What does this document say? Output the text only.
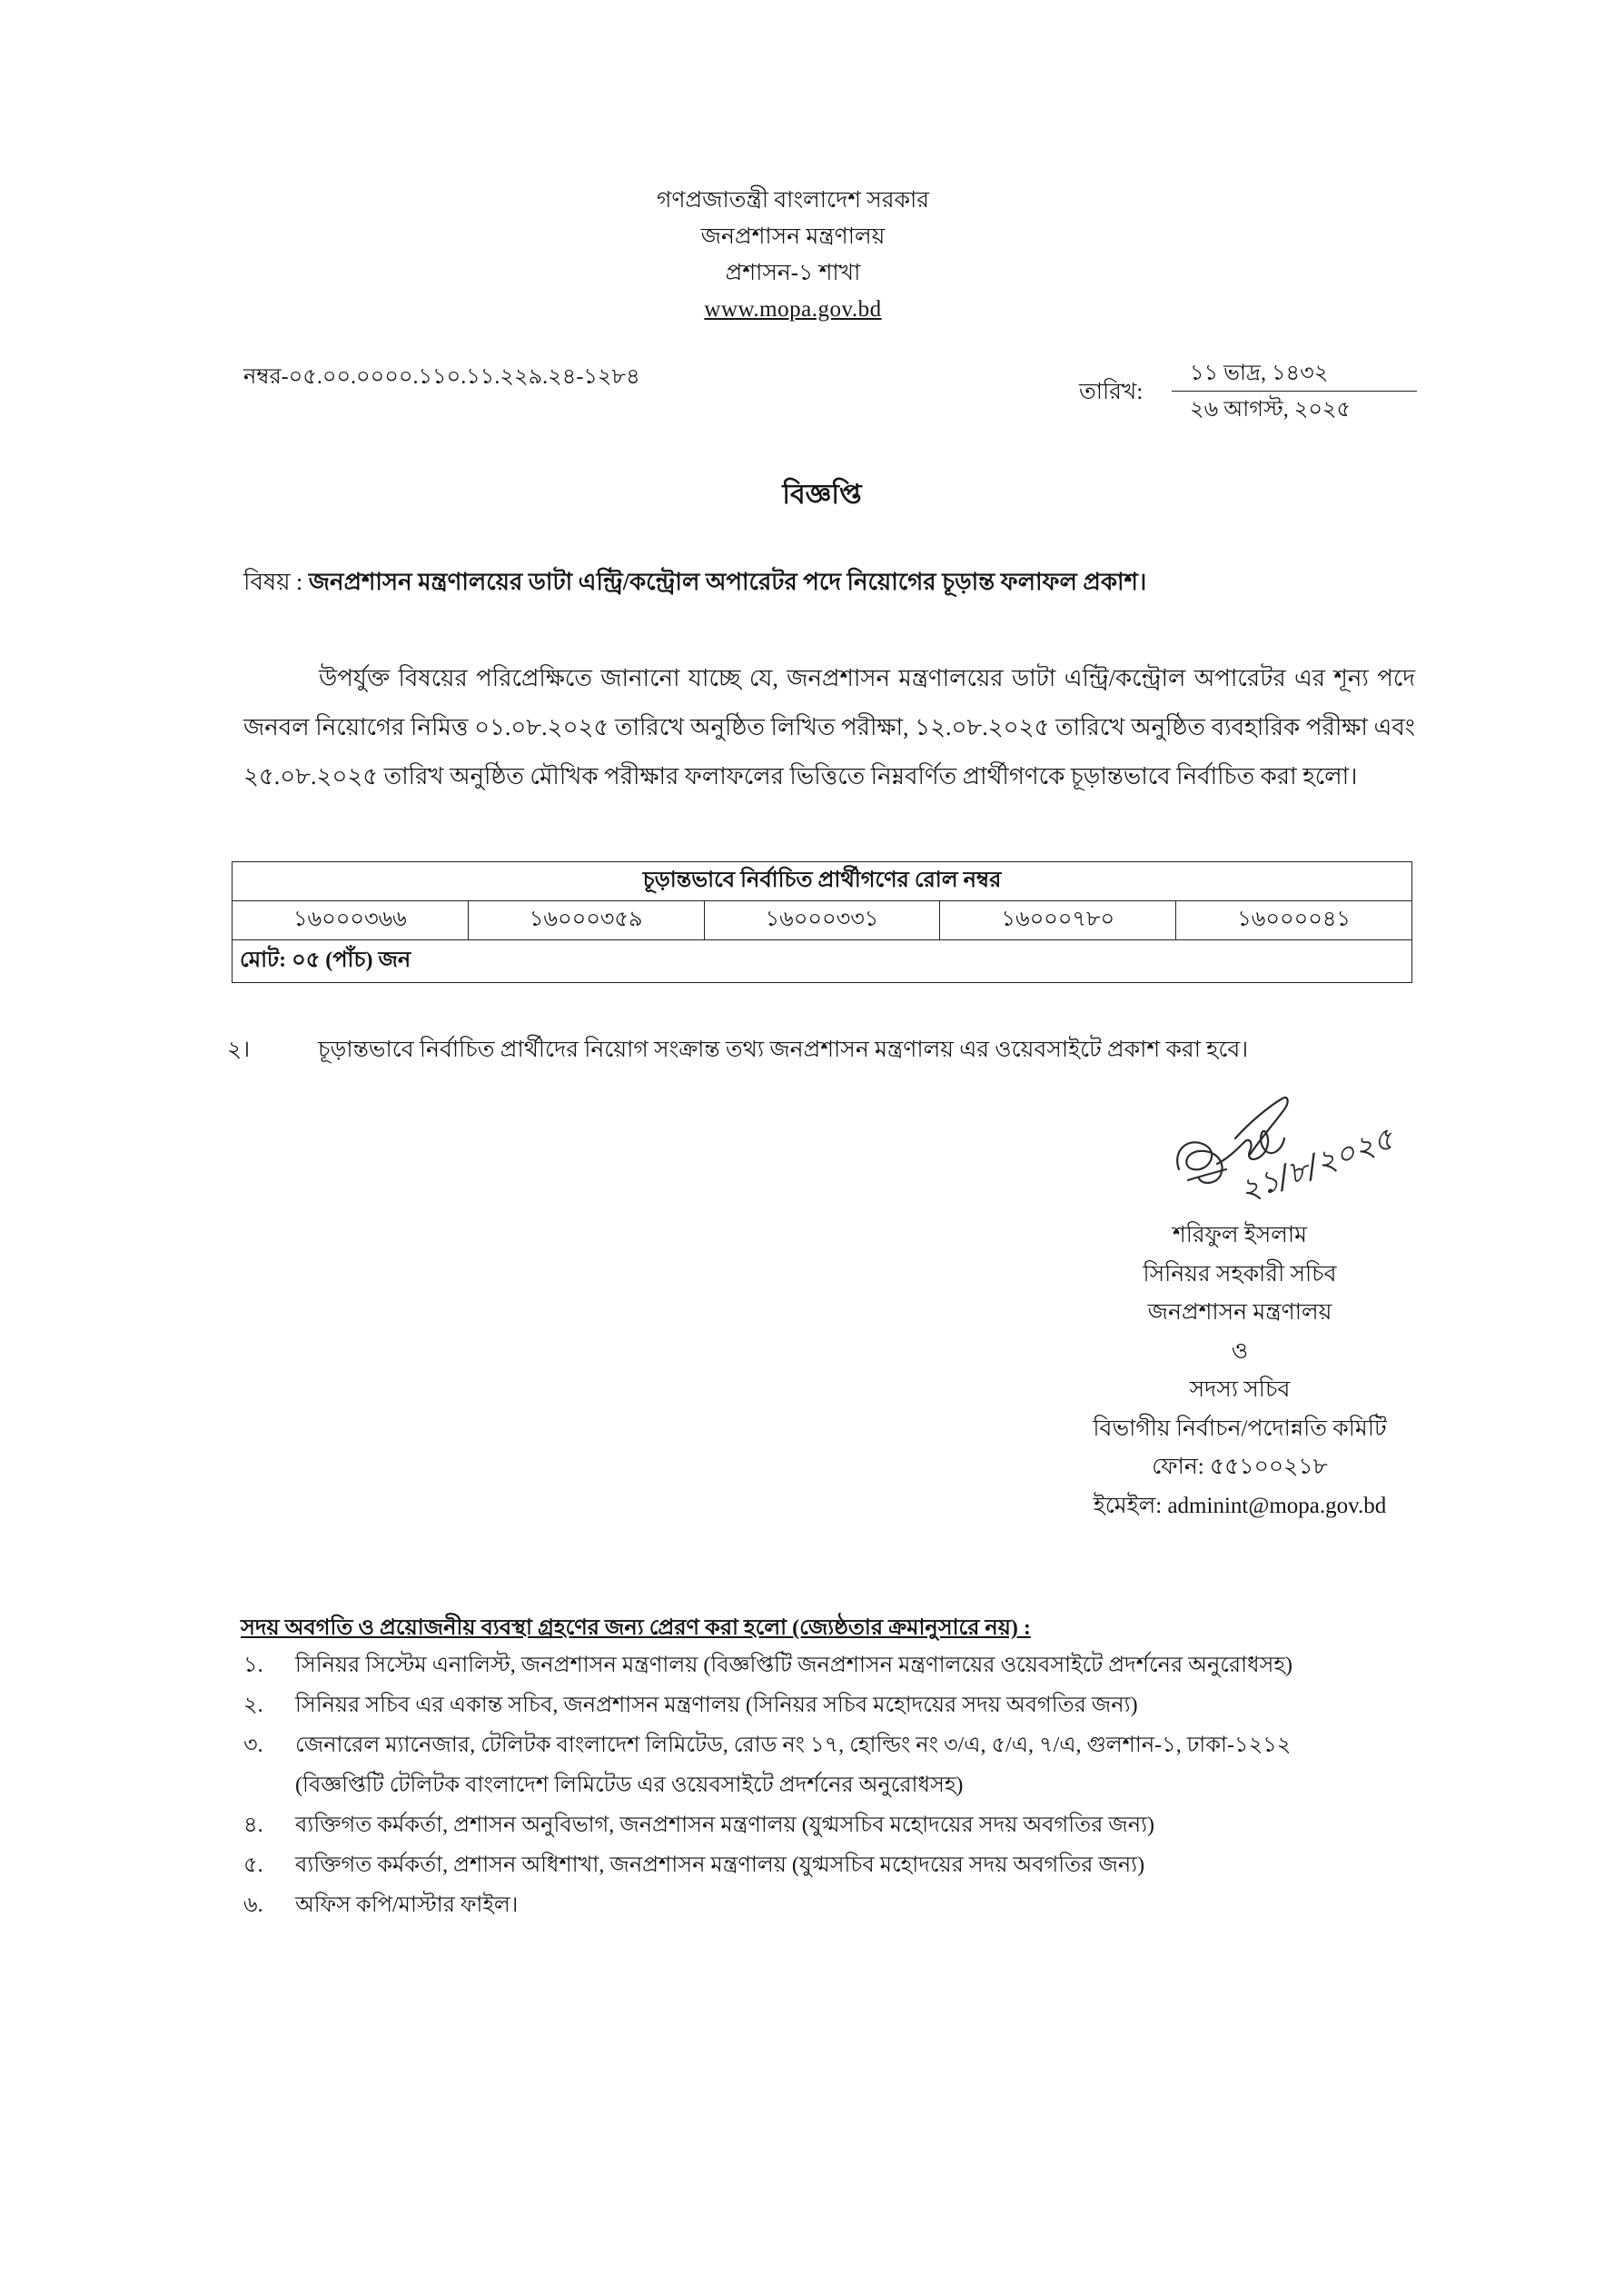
গণপ্রজাতন্ত্রী বাংলাদেশ সরকার
জনপ্রশাসন মন্ত্রণালয়
প্রশাসন-১ শাখা
www.mopa.gov.bd
নম্বর-০৫.০০.০০০০.১১০.১১.২২৯.২৪-১২৮৪
তারিখ:
১১ ভাদ্র, ১৪৩২
২৬ আগস্ট, ২০২৫
বিজ্ঞপ্তি
বিষয় : জনপ্রশাসন মন্ত্রণালয়ের ডাটা এন্ট্রি/কন্ট্রোল অপারেটর পদে নিয়োগের চূড়ান্ত ফলাফল প্রকাশ।
উপর্যুক্ত বিষয়ের পরিপ্রেক্ষিতে জানানো যাচ্ছে যে, জনপ্রশাসন মন্ত্রণালয়ের ডাটা এন্ট্রি/কন্ট্রোল অপারেটর এর শূন্য পদে জনবল নিয়োগের নিমিত্ত ০১.০৮.২০২৫ তারিখে অনুষ্ঠিত লিখিত পরীক্ষা, ১২.০৮.২০২৫ তারিখে অনুষ্ঠিত ব্যবহারিক পরীক্ষা এবং ২৫.০৮.২০২৫ তারিখ অনুষ্ঠিত মৌখিক পরীক্ষার ফলাফলের ভিত্তিতে নিম্নবর্ণিত প্রার্থীগণকে চূড়ান্তভাবে নির্বাচিত করা হলো।
চূড়ান্তভাবে নির্বাচিত প্রার্থীগণের রোল নম্বর
১৬০০০৩৬৬	১৬০০০৩৫৯	১৬০০০৩৩১	১৬০০০৭৮০	১৬০০০০৪১
মোট: ০৫ (পাঁচ) জন
২।	চূড়ান্তভাবে নির্বাচিত প্রার্থীদের নিয়োগ সংক্রান্ত তথ্য জনপ্রশাসন মন্ত্রণালয় এর ওয়েবসাইটে প্রকাশ করা হবে।
২১/৮/২০২৫
শরিফুল ইসলাম
সিনিয়র সহকারী সচিব
জনপ্রশাসন মন্ত্রণালয়
ও
সদস্য সচিব
বিভাগীয় নির্বাচন/পদোন্নতি কমিটি
ফোন: ৫৫১০০২১৮
ইমেইল: adminint@mopa.gov.bd
সদয় অবগতি ও প্রয়োজনীয় ব্যবস্থা গ্রহণের জন্য প্রেরণ করা হলো (জ্যেষ্ঠতার ক্রমানুসারে নয়) :
১.	সিনিয়র সিস্টেম এনালিস্ট, জনপ্রশাসন মন্ত্রণালয় (বিজ্ঞপ্তিটি জনপ্রশাসন মন্ত্রণালয়ের ওয়েবসাইটে প্রদর্শনের অনুরোধসহ)
২.	সিনিয়র সচিব এর একান্ত সচিব, জনপ্রশাসন মন্ত্রণালয় (সিনিয়র সচিব মহোদয়ের সদয় অবগতির জন্য)
৩.	জেনারেল ম্যানেজার, টেলিটক বাংলাদেশ লিমিটেড, রোড নং ১৭, হোল্ডিং নং ৩/এ, ৫/এ, ৭/এ, গুলশান-১, ঢাকা-১২১২
(বিজ্ঞপ্তিটি টেলিটক বাংলাদেশ লিমিটেড এর ওয়েবসাইটে প্রদর্শনের অনুরোধসহ)
৪.	ব্যক্তিগত কর্মকর্তা, প্রশাসন অনুবিভাগ, জনপ্রশাসন মন্ত্রণালয় (যুগ্মসচিব মহোদয়ের সদয় অবগতির জন্য)
৫.	ব্যক্তিগত কর্মকর্তা, প্রশাসন অধিশাখা, জনপ্রশাসন মন্ত্রণালয় (যুগ্মসচিব মহোদয়ের সদয় অবগতির জন্য)
৬.	অফিস কপি/মাস্টার ফাইল।
